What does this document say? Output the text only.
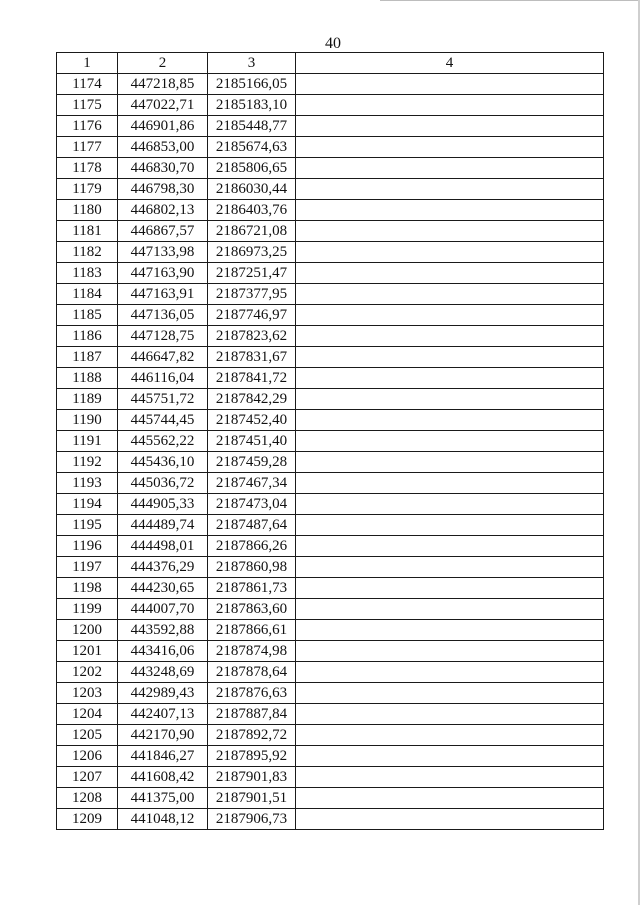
40
1	2	3	4
1174	447218,85	2185166,05	
1175	447022,71	2185183,10	
1176	446901,86	2185448,77	
1177	446853,00	2185674,63	
1178	446830,70	2185806,65	
1179	446798,30	2186030,44	
1180	446802,13	2186403,76	
1181	446867,57	2186721,08	
1182	447133,98	2186973,25	
1183	447163,90	2187251,47	
1184	447163,91	2187377,95	
1185	447136,05	2187746,97	
1186	447128,75	2187823,62	
1187	446647,82	2187831,67	
1188	446116,04	2187841,72	
1189	445751,72	2187842,29	
1190	445744,45	2187452,40	
1191	445562,22	2187451,40	
1192	445436,10	2187459,28	
1193	445036,72	2187467,34	
1194	444905,33	2187473,04	
1195	444489,74	2187487,64	
1196	444498,01	2187866,26	
1197	444376,29	2187860,98	
1198	444230,65	2187861,73	
1199	444007,70	2187863,60	
1200	443592,88	2187866,61	
1201	443416,06	2187874,98	
1202	443248,69	2187878,64	
1203	442989,43	2187876,63	
1204	442407,13	2187887,84	
1205	442170,90	2187892,72	
1206	441846,27	2187895,92	
1207	441608,42	2187901,83	
1208	441375,00	2187901,51	
1209	441048,12	2187906,73	
